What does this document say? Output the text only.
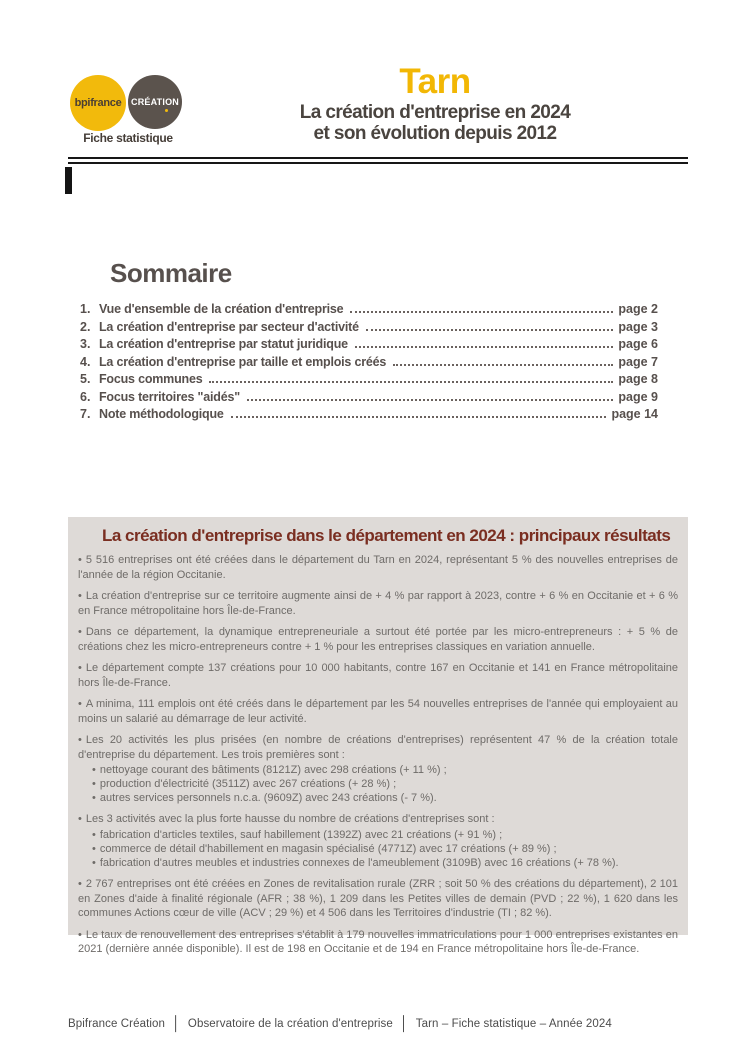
bpifrance CRÉATION
Fiche statistique
Tarn
La création d'entreprise en 2024
et son évolution depuis 2012
Sommaire
1. Vue d'ensemble de la création d'entreprise	page 2
2. La création d'entreprise par secteur d'activité	page 3
3. La création d'entreprise par statut juridique	page 6
4. La création d'entreprise par taille et emplois créés	page 7
5. Focus communes	page 8
6. Focus territoires "aidés"	page 9
7. Note méthodologique	page 14
La création d'entreprise dans le département en 2024 : principaux résultats

• 5 516 entreprises ont été créées dans le département du Tarn en 2024, représentant 5 % des nouvelles entreprises de l'année de la région Occitanie.

• La création d'entreprise sur ce territoire augmente ainsi de + 4 % par rapport à 2023, contre + 6 % en Occitanie et + 6 % en France métropolitaine hors Île-de-France.

• Dans ce département, la dynamique entrepreneuriale a surtout été portée par les micro-entrepreneurs : + 5 % de créations chez les micro-entrepreneurs contre + 1 % pour les entreprises classiques en variation annuelle.

• Le département compte 137 créations pour 10 000 habitants, contre 167 en Occitanie et 141 en France métropolitaine hors Île-de-France.

• A minima, 111 emplois ont été créés dans le département par les 54 nouvelles entreprises de l'année qui employaient au moins un salarié au démarrage de leur activité.

• Les 20 activités les plus prisées (en nombre de créations d'entreprises) représentent 47 % de la création totale d'entreprise du département. Les trois premières sont :

• nettoyage courant des bâtiments (8121Z) avec 298 créations (+ 11 %) ;

• production d'électricité (3511Z) avec 267 créations (+ 28 %) ;

• autres services personnels n.c.a. (9609Z) avec 243 créations (- 7 %).

• Les 3 activités avec la plus forte hausse du nombre de créations d'entreprises sont :

• fabrication d'articles textiles, sauf habillement (1392Z) avec 21 créations (+ 91 %) ;

• commerce de détail d'habillement en magasin spécialisé (4771Z) avec 17 créations (+ 89 %) ;

• fabrication d'autres meubles et industries connexes de l'ameublement (3109B) avec 16 créations (+ 78 %).

• 2 767 entreprises ont été créées en Zones de revitalisation rurale (ZRR ; soit 50 % des créations du département), 2 101 en Zones d'aide à finalité régionale (AFR ; 38 %), 1 209 dans les Petites villes de demain (PVD ; 22 %), 1 620 dans les communes Actions cœur de ville (ACV ; 29 %) et 4 506 dans les Territoires d'industrie (TI ; 82 %).

• Le taux de renouvellement des entreprises s'établit à 179 nouvelles immatriculations pour 1 000 entreprises existantes en 2021 (dernière année disponible). Il est de 198 en Occitanie et de 194 en France métropolitaine hors Île-de-France.

Bpifrance Création │ Observatoire de la création d'entreprise │ Tarn – Fiche statistique – Année 2024
